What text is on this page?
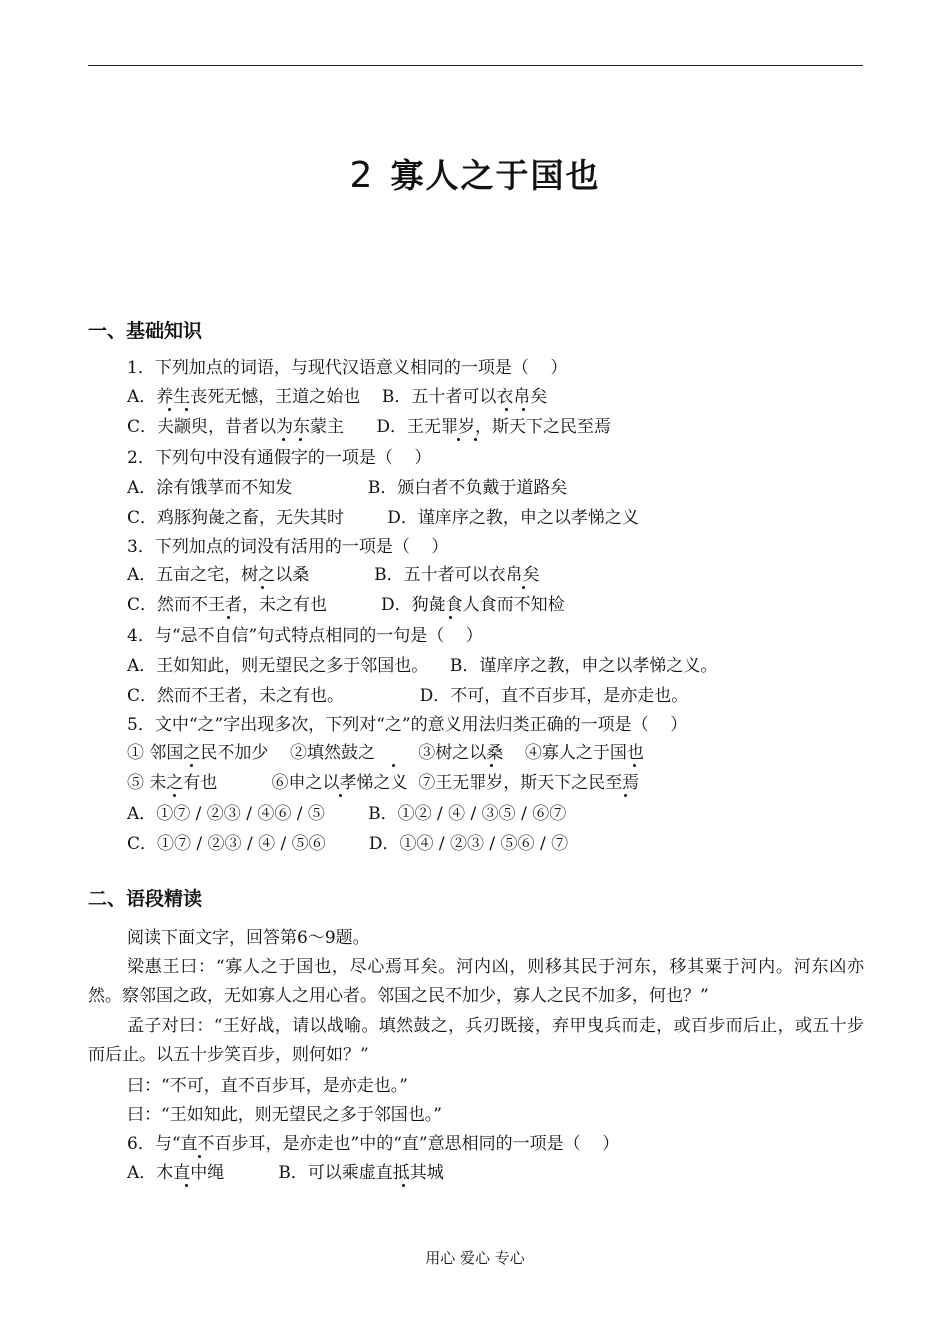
2 寡人之于国也
一、基础知识
1．下列加点的词语，与现代汉语意义相同的一项是（    ）
A．养生丧死无憾，王道之始也    B．五十者可以衣帛矣
C．夫颛臾，昔者以为东蒙主      D．王无罪岁，斯天下之民至焉
2．下列句中没有通假字的一项是（    ）
A．涂有饿莩而不知发              B．颁白者不负戴于道路矣
C．鸡豚狗彘之畜，无失其时        D．谨庠序之教，申之以孝悌之义
3．下列加点的词没有活用的一项是（    ）
A．五亩之宅，树之以桑            B．五十者可以衣帛矣
C．然而不王者，未之有也          D．狗彘食人食而不知检
4．与“忌不自信”句式特点相同的一句是（    ）
A．王如知此，则无望民之多于邻国也。    B．谨庠序之教，申之以孝悌之义。
C．然而不王者，未之有也。              D．不可，直不百步耳，是亦走也。
5．文中“之”字出现多次，下列对“之”的意义用法归类正确的一项是（    ）
① 邻国之民不加少    ②填然鼓之        ③树之以桑    ④寡人之于国也
⑤ 未之有也          ⑥申之以孝悌之义  ⑦王无罪岁，斯天下之民至焉
A．①⑦ / ②③ / ④⑥ / ⑤        B．①② / ④ / ③⑤ / ⑥⑦
C．①⑦ / ②③ / ④ / ⑤⑥        D．①④ / ②③ / ⑤⑥ / ⑦
二、语段精读
阅读下面文字，回答第6～9题。
梁惠王曰：“寡人之于国也，尽心焉耳矣。河内凶，则移其民于河东，移其粟于河内。河东凶亦然。察邻国之政，无如寡人之用心者。邻国之民不加少，寡人之民不加多，何也？”
孟子对曰：“王好战，请以战喻。填然鼓之，兵刃既接，弃甲曳兵而走，或百步而后止，或五十步而后止。以五十步笑百步，则何如？”
曰：“不可，直不百步耳，是亦走也。”
曰：“王如知此，则无望民之多于邻国也。”
6．与“直不百步耳，是亦走也”中的“直”意思相同的一项是（    ）
A．木直中绳          B．可以乘虚直抵其城
用心 爱心 专心
